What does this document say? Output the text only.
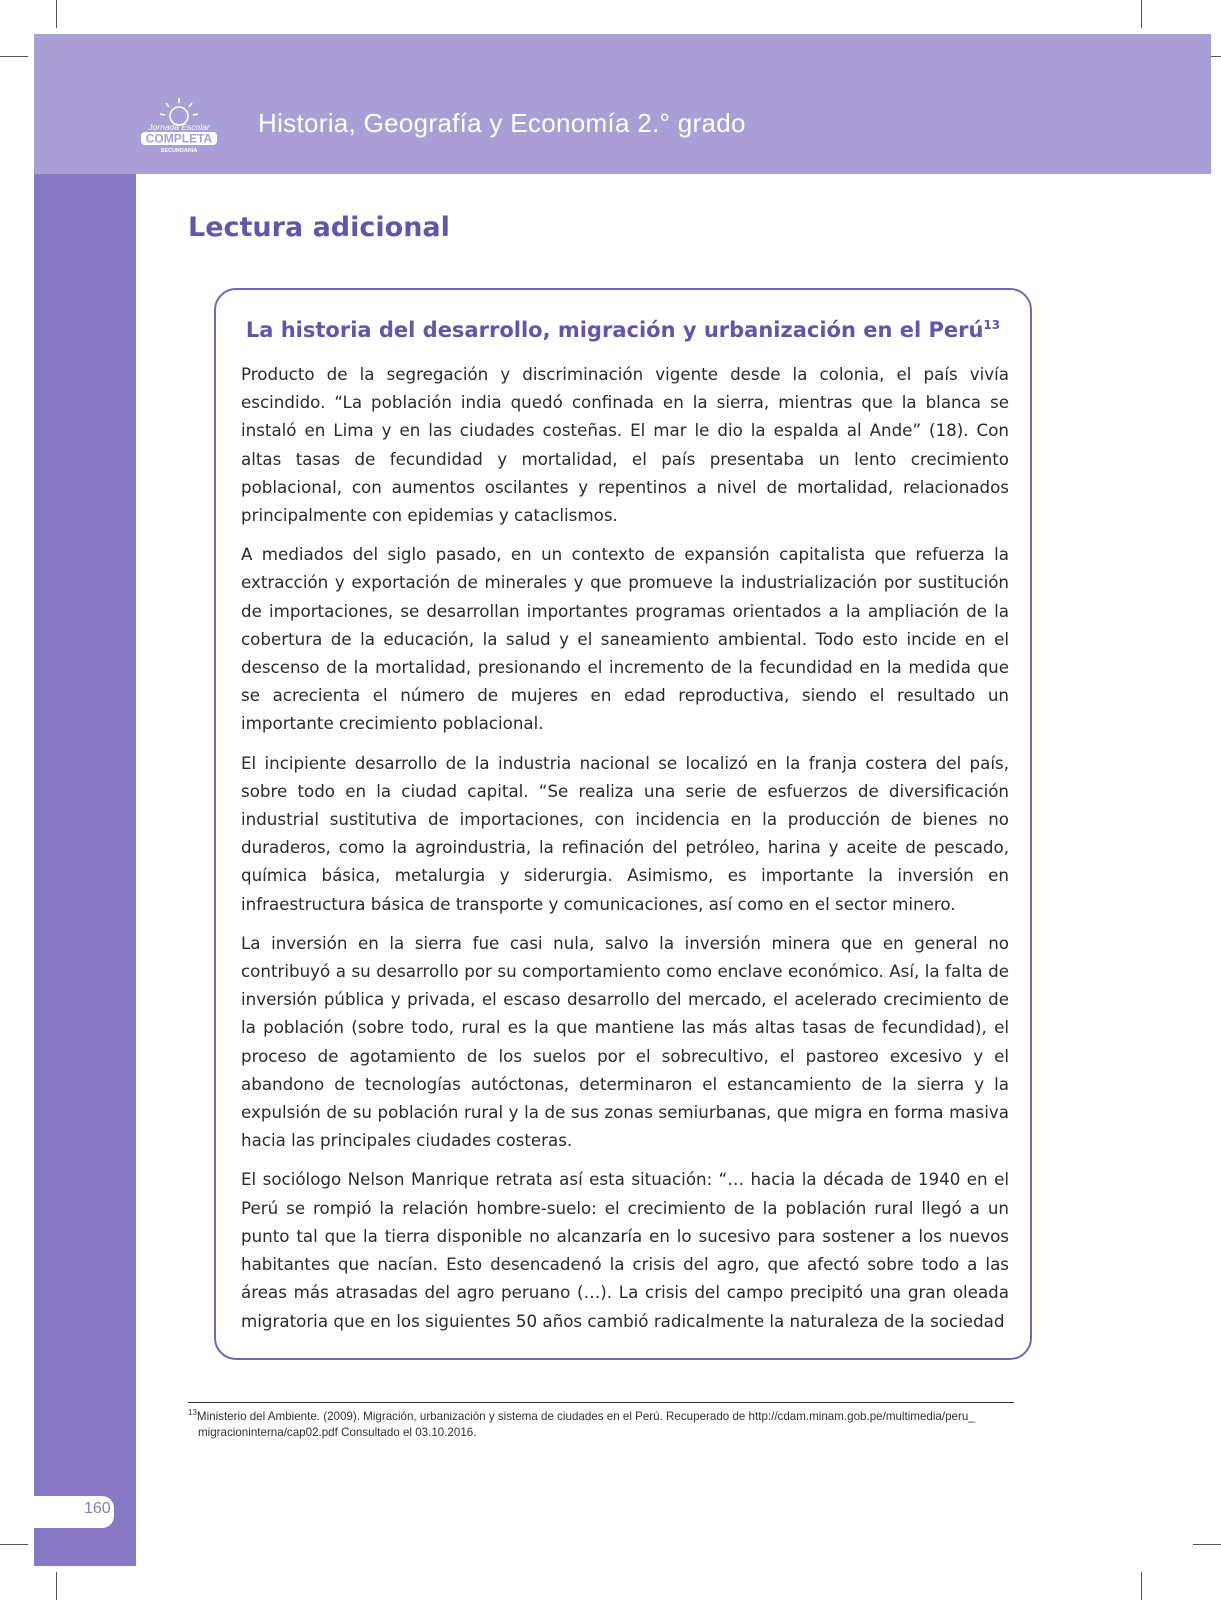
Jornada Escolar
COMPLETA
SECUNDARIA
Historia, Geografía y Economía 2.° grado
160
Lectura adicional
La historia del desarrollo, migración y urbanización en el Perú$^{13}$

Producto de la segregación y discriminación vigente desde la colonia, el país vivía escindido. “La población india quedó confinada en la sierra, mientras que la blanca se instaló en Lima y en las ciudades costeñas. El mar le dio la espalda al Ande” (18). Con altas tasas de fecundidad y mortalidad, el país presentaba un lento crecimiento poblacional, con aumentos oscilantes y repentinos a nivel de mortalidad, relacionados principalmente con epidemias y cataclismos.

A mediados del siglo pasado, en un contexto de expansión capitalista que refuerza la extracción y exportación de minerales y que promueve la industrialización por sustitución de importaciones, se desarrollan importantes programas orientados a la ampliación de la cobertura de la educación, la salud y el saneamiento ambiental. Todo esto incide en el descenso de la mortalidad, presionando el incremento de la fecundidad en la medida que se acrecienta el número de mujeres en edad reproductiva, siendo el resultado un importante crecimiento poblacional.

El incipiente desarrollo de la industria nacional se localizó en la franja costera del país, sobre todo en la ciudad capital. “Se realiza una serie de esfuerzos de diversificación industrial sustitutiva de importaciones, con incidencia en la producción de bienes no duraderos, como la agroindustria, la refinación del petróleo, harina y aceite de pescado, química básica, metalurgia y siderurgia. Asimismo, es importante la inversión en infraestructura básica de transporte y comunicaciones, así como en el sector minero.

La inversión en la sierra fue casi nula, salvo la inversión minera que en general no contribuyó a su desarrollo por su comportamiento como enclave económico. Así, la falta de inversión pública y privada, el escaso desarrollo del mercado, el acelerado crecimiento de la población (sobre todo, rural es la que mantiene las más altas tasas de fecundidad), el proceso de agotamiento de los suelos por el sobrecultivo, el pastoreo excesivo y el abandono de tecnologías autóctonas, determinaron el estancamiento de la sierra y la expulsión de su población rural y la de sus zonas semiurbanas, que migra en forma masiva hacia las principales ciudades costeras.

El sociólogo Nelson Manrique retrata así esta situación: “… hacia la década de 1940 en el Perú se rompió la relación hombre-suelo: el crecimiento de la población rural llegó a un punto tal que la tierra disponible no alcanzaría en lo sucesivo para sostener a los nuevos habitantes que nacían. Esto desencadenó la crisis del agro, que afectó sobre todo a las áreas más atrasadas del agro peruano (…). La crisis del campo precipitó una gran oleada migratoria que en los siguientes 50 años cambió radicalmente la naturaleza de la sociedad

$^{13}$Ministerio del Ambiente. (2009). Migración, urbanización y sistema de ciudades en el Perú. Recuperado de http://cdam.minam.gob.pe/multimedia/peru_
migracioninterna/cap02.pdf Consultado el 03.10.2016.
